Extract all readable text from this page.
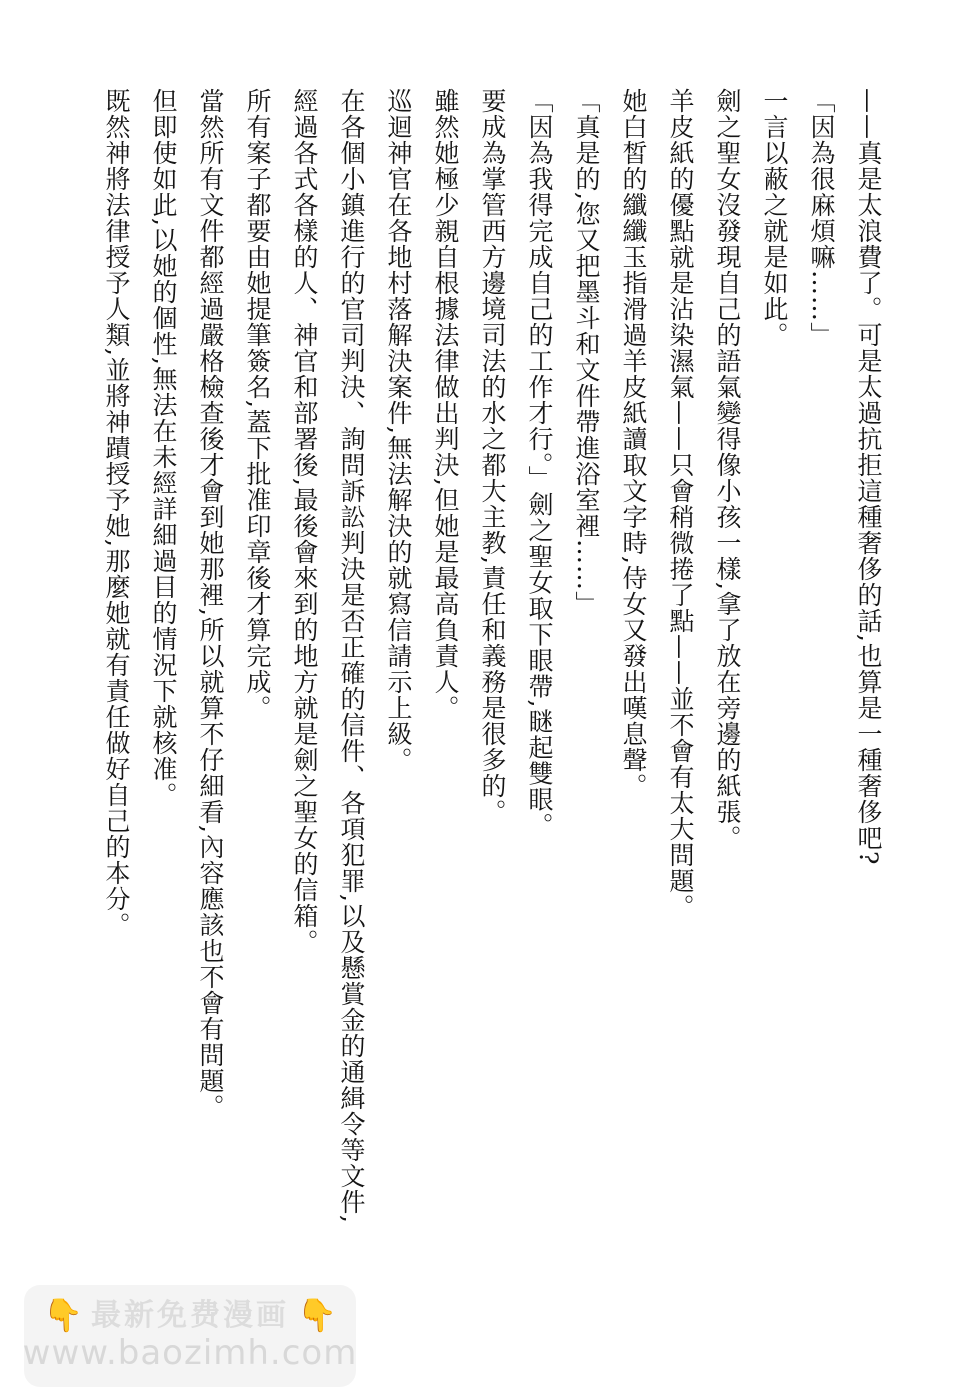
——真是太浪費了。可是太過抗拒這種奢侈的話,也算是一種奢侈吧?

「因為很麻煩嘛……」

一言以蔽之就是如此。

劍之聖女沒發現自己的語氣變得像小孩一樣,拿了放在旁邊的紙張。

羊皮紙的優點就是沾染濕氣——只會稍微捲了點——並不會有太大問題。

她白皙的纖纖玉指滑過羊皮紙讀取文字時,侍女又發出嘆息聲。

「真是的,您又把墨斗和文件帶進浴室裡……」

「因為我得完成自己的工作才行。」劍之聖女取下眼帶,瞇起雙眼。

要成為掌管西方邊境司法的水之都大主教,責任和義務是很多的。

雖然她極少親自根據法律做出判決,但她是最高負責人。

巡迴神官在各地村落解決案件,無法解決的就寫信請示上級。

在各個小鎮進行的官司判決、詢問訴訟判決是否正確的信件、各項犯罪,以及懸賞金的通緝令等文件,

經過各式各樣的人、神官和部署後,最後會來到的地方就是劍之聖女的信箱。

所有案子都要由她提筆簽名,蓋下批准印章後才算完成。

當然所有文件都經過嚴格檢查後才會到她那裡,所以就算不仔細看,內容應該也不會有問題。

但即使如此,以她的個性,無法在未經詳細過目的情況下就核准。

既然神將法律授予人類,並將神蹟授予她,那麼她就有責任做好自己的本分。

👇 最新免费漫画 👇
www.baozimh.com
